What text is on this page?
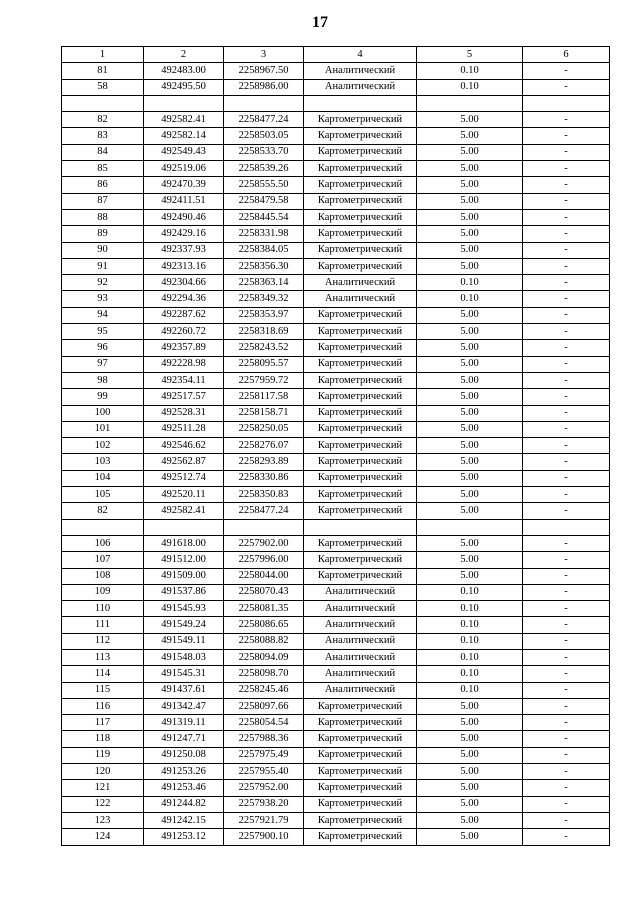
17
1	2	3	4	5	6
81	492483.00	2258967.50	Аналитический	0.10	-
58	492495.50	2258986.00	Аналитический	0.10	-

82	492582.41	2258477.24	Картометрический	5.00	-
83	492582.14	2258503.05	Картометрический	5.00	-
84	492549.43	2258533.70	Картометрический	5.00	-
85	492519.06	2258539.26	Картометрический	5.00	-
86	492470.39	2258555.50	Картометрический	5.00	-
87	492411.51	2258479.58	Картометрический	5.00	-
88	492490.46	2258445.54	Картометрический	5.00	-
89	492429.16	2258331.98	Картометрический	5.00	-
90	492337.93	2258384.05	Картометрический	5.00	-
91	492313.16	2258356.30	Картометрический	5.00	-
92	492304.66	2258363.14	Аналитический	0.10	-
93	492294.36	2258349.32	Аналитический	0.10	-
94	492287.62	2258353.97	Картометрический	5.00	-
95	492260.72	2258318.69	Картометрический	5.00	-
96	492357.89	2258243.52	Картометрический	5.00	-
97	492228.98	2258095.57	Картометрический	5.00	-
98	492354.11	2257959.72	Картометрический	5.00	-
99	492517.57	2258117.58	Картометрический	5.00	-
100	492528.31	2258158.71	Картометрический	5.00	-
101	492511.28	2258250.05	Картометрический	5.00	-
102	492546.62	2258276.07	Картометрический	5.00	-
103	492562.87	2258293.89	Картометрический	5.00	-
104	492512.74	2258330.86	Картометрический	5.00	-
105	492520.11	2258350.83	Картометрический	5.00	-
82	492582.41	2258477.24	Картометрический	5.00	-

106	491618.00	2257902.00	Картометрический	5.00	-
107	491512.00	2257996.00	Картометрический	5.00	-
108	491509.00	2258044.00	Картометрический	5.00	-
109	491537.86	2258070.43	Аналитический	0.10	-
110	491545.93	2258081.35	Аналитический	0.10	-
111	491549.24	2258086.65	Аналитический	0.10	-
112	491549.11	2258088.82	Аналитический	0.10	-
113	491548.03	2258094.09	Аналитический	0.10	-
114	491545.31	2258098.70	Аналитический	0.10	-
115	491437.61	2258245.46	Аналитический	0.10	-
116	491342.47	2258097.66	Картометрический	5.00	-
117	491319.11	2258054.54	Картометрический	5.00	-
118	491247.71	2257988.36	Картометрический	5.00	-
119	491250.08	2257975.49	Картометрический	5.00	-
120	491253.26	2257955.40	Картометрический	5.00	-
121	491253.46	2257952.00	Картометрический	5.00	-
122	491244.82	2257938.20	Картометрический	5.00	-
123	491242.15	2257921.79	Картометрический	5.00	-
124	491253.12	2257900.10	Картометрический	5.00	-
